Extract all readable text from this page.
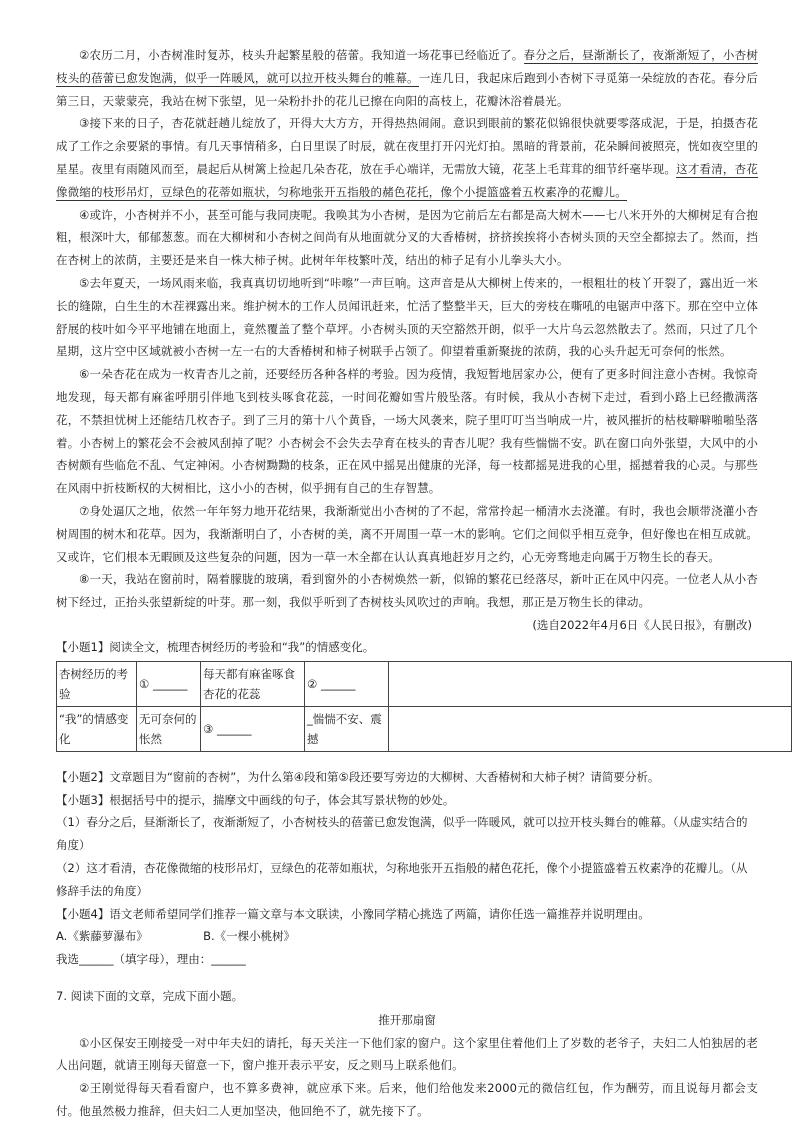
②农历二月，小杏树准时复苏，枝头升起繁星般的蓓蕾。我知道一场花事已经临近了。春分之后，昼渐渐长了，夜渐渐短了，小杏树枝头的蓓蕾已愈发饱满，似乎一阵暖风，就可以拉开枝头舞台的帷幕。一连几日，我起床后跑到小杏树下寻觅第一朵绽放的杏花。春分后第三日，天蒙蒙亮，我站在树下张望，见一朵粉扑扑的花儿已擦在向阳的高枝上，花瓣沐浴着晨光。

③接下来的日子，杏花就赶趟儿绽放了，开得大大方方，开得热热闹闹。意识到眼前的繁花似锦很快就要零落成泥，于是，拍摄杏花成了工作之余要紧的事情。有几天事情稍多，白日里误了时辰，就在夜里打开闪光灯拍。黑暗的背景前，花朵瞬间被照亮，恍如夜空里的星星。夜里有雨随风而至，晨起后从树篱上捡起几朵杏花，放在手心端详，无需放大镜，花茎上毛茸茸的细节纤毫毕现。这才看清，杏花像微缩的枝形吊灯，豆绿色的花蒂如瓶状，匀称地张开五指般的赭色花托，像个小提篮盛着五枚素净的花瓣儿。

④或许，小杏树并不小，甚至可能与我同庚呢。我唤其为小杏树，是因为它前后左右都是高大树木——七八米开外的大柳树足有合抱粗，根深叶大，郁郁葱葱。而在大柳树和小杏树之间尚有从地面就分叉的大香椿树，挤挤挨挨将小杏树头顶的天空全都掠去了。然而，挡在杏树上的浓荫，主要还是来自一株大柿子树。此树年年枝繁叶茂，结出的柿子足有小儿拳头大小。

⑤去年夏天，一场风雨来临，我真真切切地听到“咔嚓”一声巨响。这声音是从大柳树上传来的，一根粗壮的枝丫开裂了，露出近一米长的缝隙，白生生的木茬裸露出来。维护树木的工作人员闻讯赶来，忙活了整整半天，巨大的旁枝在嘶吼的电锯声中落下。那在空中立体舒展的枝叶如今平平地铺在地面上，竟然覆盖了整个草坪。小杏树头顶的天空豁然开朗，似乎一大片乌云忽然散去了。然而，只过了几个星期，这片空中区域就被小杏树一左一右的大香椿树和柿子树联手占领了。仰望着重新聚拢的浓荫，我的心头升起无可奈何的怅然。

⑥一朵杏花在成为一枚青杏儿之前，还要经历各种各样的考验。因为疫情，我短暂地居家办公，便有了更多时间注意小杏树。我惊奇地发现，每天都有麻雀呼朋引伴地飞到枝头啄食花蕊，一时间花瓣如雪片般坠落。有时候，我从小杏树下走过，看到小路上已经撒满落花，不禁担忧树上还能结几枚杏子。到了三月的第十八个黄昏，一场大风袭来，院子里叮叮当当响成一片，被风摧折的枯枝噼噼啪啪坠落着。小杏树上的繁花会不会被风刮掉了呢？小杏树会不会失去孕育在枝头的青杏儿呢？我有些惴惴不安。趴在窗口向外张望，大风中的小杏树颇有些临危不乱、气定神闲。小杏树黝黝的枝条，正在风中摇晃出健康的光泽，每一枝都摇晃进我的心里，摇撼着我的心灵。与那些在风雨中折枝断权的大树相比，这小小的杏树，似乎拥有自己的生存智慧。

⑦身处逼仄之地，依然一年年努力地开花结果，我渐渐觉出小杏树的了不起，常常拎起一桶清水去浇灌。有时，我也会顺带浇灌小杏树周围的树木和花草。因为，我渐渐明白了，小杏树的美，离不开周围一草一木的影响。它们之间似乎相互竞争，但好像也在相互成就。又或许，它们根本无暇顾及这些复杂的问题，因为一草一木全都在认认真真地赶岁月之约，心无旁骛地走向属于万物生长的春天。

⑧一天，我站在窗前时，隔着朦胧的玻璃，看到窗外的小杏树焕然一新，似锦的繁花已经落尽，新叶正在风中闪亮。一位老人从小杏树下经过，正抬头张望新绽的叶芽。那一刻，我似乎听到了杏树枝头风吹过的声响。我想，那正是万物生长的律动。

(选自2022年4月6日《人民日报》，有删改)

【小题1】阅读全文，梳理杏树经历的考验和“我”的情感变化。

杏树经历的考验	① ______	每天都有麻雀啄食杏花的花蕊	② ______	
“我”的情感变化	无可奈何的怅然	③ ______	_惴惴不安、震撼	

【小题2】文章题目为“窗前的杏树”，为什么第④段和第⑤段还要写旁边的大柳树、大香椿树和大柿子树？请简要分析。

【小题3】根据括号中的提示，揣摩文中画线的句子，体会其写景状物的妙处。

（1）春分之后，昼渐渐长了，夜渐渐短了，小杏树枝头的蓓蕾已愈发饱满，似乎一阵暖风，就可以拉开枝头舞台的帷幕。（从虚实结合的角度）

（2）这才看清，杏花像微缩的枝形吊灯，豆绿色的花蒂如瓶状，匀称地张开五指般的赭色花托，像个小提篮盛着五枚素净的花瓣儿。（从修辞手法的角度）

【小题4】语文老师希望同学们推荐一篇文章与本文联读，小豫同学精心挑选了两篇，请你任选一篇推荐并说明理由。

A.《紫藤萝瀑布》	B.《一棵小桃树》

我选______（填字母），理由：______

7. 阅读下面的文章，完成下面小题。

推开那扇窗

①小区保安王刚接受一对中年夫妇的请托，每天关注一下他们家的窗户。这个家里住着他们上了岁数的老爷子，夫妇二人怕独居的老人出问题，就请王刚每天留意一下，窗户推开表示平安，反之则马上联系他们。

②王刚觉得每天看看窗户，也不算多费神，就应承下来。后来，他们给他发来2000元的微信红包，作为酬劳，而且说每月都会支付。他虽然极力推辞，但夫妇二人更加坚决，他回绝不了，就先接下了。
